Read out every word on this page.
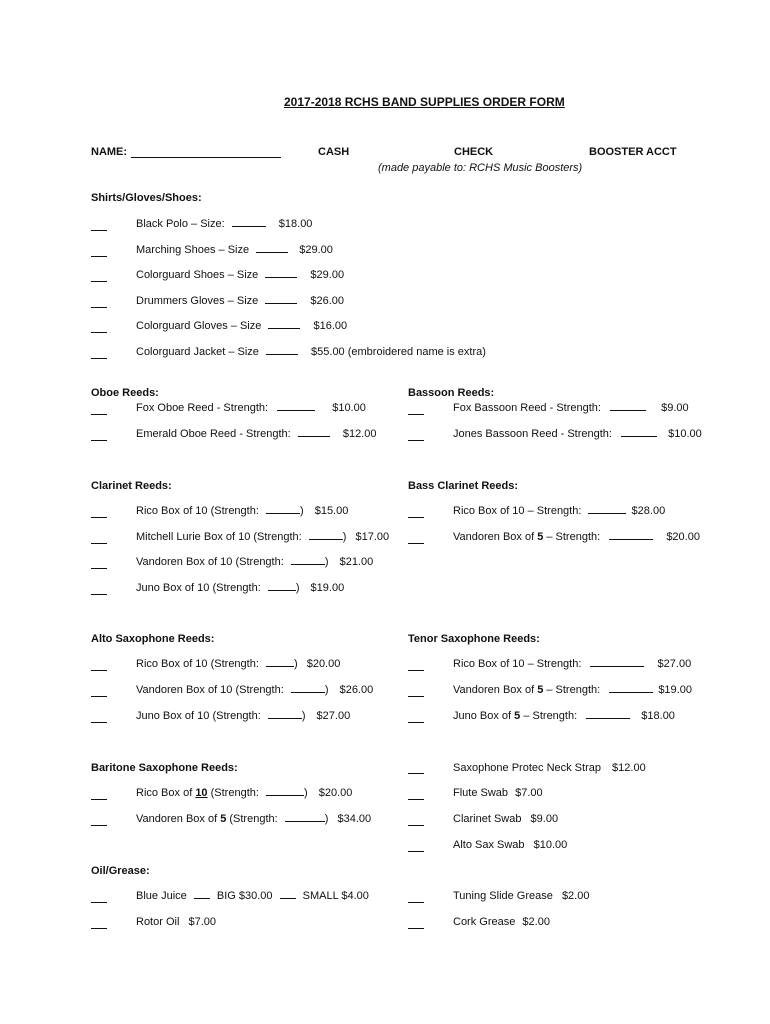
2017-2018 RCHS BAND SUPPLIES ORDER FORM
NAME:	CASH	CHECK
(made payable to: RCHS Music Boosters)
BOOSTER ACCT
Shirts/Gloves/Shoes:
Black Polo – Size:	$18.00
Marching Shoes – Size	$29.00
Colorguard Shoes – Size	$29.00
Drummers Gloves – Size	$26.00
Colorguard Gloves – Size	$16.00
Colorguard Jacket – Size	$55.00 (embroidered name is extra)
Oboe Reeds:
Fox Oboe Reed - Strength:	$10.00
Emerald Oboe Reed - Strength:	$12.00
Bassoon Reeds:
Fox Bassoon Reed - Strength:	$9.00
Jones Bassoon Reed - Strength:	$10.00
Clarinet Reeds:
Rico Box of 10 (Strength:	) $15.00
Mitchell Lurie Box of 10 (Strength:	) $17.00
Vandoren Box of 10 (Strength:	) $21.00
Juno Box of 10 (Strength:	) $19.00
Bass Clarinet Reeds:
Rico Box of 10 – Strength:	$28.00
Vandoren Box of 5 – Strength:	$20.00
Alto Saxophone Reeds:
Rico Box of 10 (Strength:	) $20.00
Vandoren Box of 10 (Strength:	) $26.00
Juno Box of 10 (Strength:	) $27.00
Tenor Saxophone Reeds:
Rico Box of 10 – Strength:	$27.00
Vandoren Box of 5 – Strength:	$19.00
Juno Box of 5 – Strength:	$18.00
Baritone Saxophone Reeds:
Rico Box of 10 (Strength:	) $20.00
Vandoren Box of 5 (Strength:	) $34.00
Saxophone Protec Neck Strap $12.00
Flute Swab $7.00
Clarinet Swab $9.00
Alto Sax Swab $10.00
Oil/Grease:
Blue Juice	BIG $30.00	SMALL $4.00
Rotor Oil $7.00
Tuning Slide Grease $2.00
Cork Grease $2.00
